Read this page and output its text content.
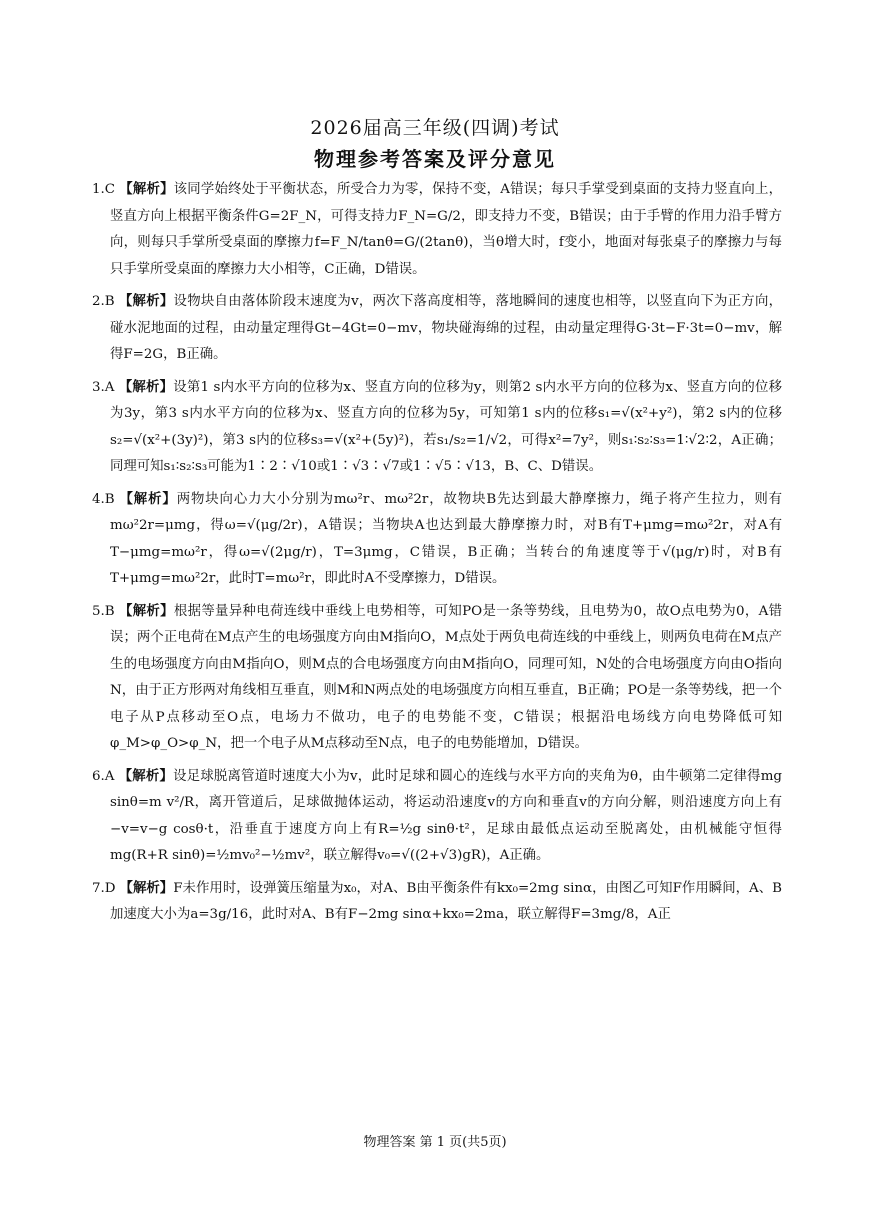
2026届高三年级(四调)考试
物理参考答案及评分意见
1.C 【解析】该同学始终处于平衡状态，所受合力为零，保持不变，A错误；每只手掌受到桌面的支持力竖直向上，竖直方向上根据平衡条件G=2F_N，可得支持力F_N=G/2，即支持力不变，B错误；由于手臂的作用力沿手臂方向，则每只手掌所受桌面的摩擦力f=F_N/tanθ=G/(2tanθ)，当θ增大时，f变小，地面对每张桌子的摩擦力与每只手掌所受桌面的摩擦力大小相等，C正确，D错误。
2.B 【解析】设物块自由落体阶段末速度为v，两次下落高度相等，落地瞬间的速度也相等，以竖直向下为正方向，碰水泥地面的过程，由动量定理得Gt−4Gt=0−mv，物块碰海绵的过程，由动量定理得G·3t−F·3t=0−mv，解得F=2G，B正确。
3.A 【解析】设第1 s内水平方向的位移为x、竖直方向的位移为y，则第2 s内水平方向的位移为x、竖直方向的位移为3y，第3 s内水平方向的位移为x、竖直方向的位移为5y，可知第1 s内的位移s₁=√(x²+y²)，第2 s内的位移s₂=√(x²+(3y)²)，第3 s内的位移s₃=√(x²+(5y)²)，若s₁/s₂=1/√2，可得x²=7y²，则s₁∶s₂∶s₃=1∶√2∶2，A正确；同理可知s₁∶s₂∶s₃可能为1∶2∶√10或1∶√3∶√7或1∶√5∶√13，B、C、D错误。
4.B 【解析】两物块向心力大小分别为mω²r、mω²2r，故物块B先达到最大静摩擦力，绳子将产生拉力，则有mω²2r=μmg，得ω=√(μg/2r)，A错误；当物块A也达到最大静摩擦力时，对B有T+μmg=mω²2r，对A有T−μmg=mω²r，得ω=√(2μg/r)，T=3μmg，C错误，B正确；当转台的角速度等于√(μg/r)时，对B有T+μmg=mω²2r，此时T=mω²r，即此时A不受摩擦力，D错误。
5.B 【解析】根据等量异种电荷连线中垂线上电势相等，可知PO是一条等势线，且电势为0，故O点电势为0，A错误；两个正电荷在M点产生的电场强度方向由M指向O，M点处于两负电荷连线的中垂线上，则两负电荷在M点产生的电场强度方向由M指向O，则M点的合电场强度方向由M指向O，同理可知，N处的合电场强度方向由O指向N，由于正方形两对角线相互垂直，则M和N两点处的电场强度方向相互垂直，B正确；PO是一条等势线，把一个电子从P点移动至O点，电场力不做功，电子的电势能不变，C错误；根据沿电场线方向电势降低可知φ_M>φ_O>φ_N，把一个电子从M点移动至N点，电子的电势能增加，D错误。
6.A 【解析】设足球脱离管道时速度大小为v，此时足球和圆心的连线与水平方向的夹角为θ，由牛顿第二定律得mg sinθ=m v²/R，离开管道后，足球做抛体运动，将运动沿速度v的方向和垂直v的方向分解，则沿速度方向上有−v=v−g cosθ·t，沿垂直于速度方向上有R=½g sinθ·t²，足球由最低点运动至脱离处，由机械能守恒得mg(R+R sinθ)=½mv₀²−½mv²，联立解得v₀=√((2+√3)gR)，A正确。
7.D 【解析】F未作用时，设弹簧压缩量为x₀，对A、B由平衡条件有kx₀=2mg sinα，由图乙可知F作用瞬间，A、B加速度大小为a=3g/16，此时对A、B有F−2mg sinα+kx₀=2ma，联立解得F=3mg/8，A正
物理答案 第 1 页(共5页)
